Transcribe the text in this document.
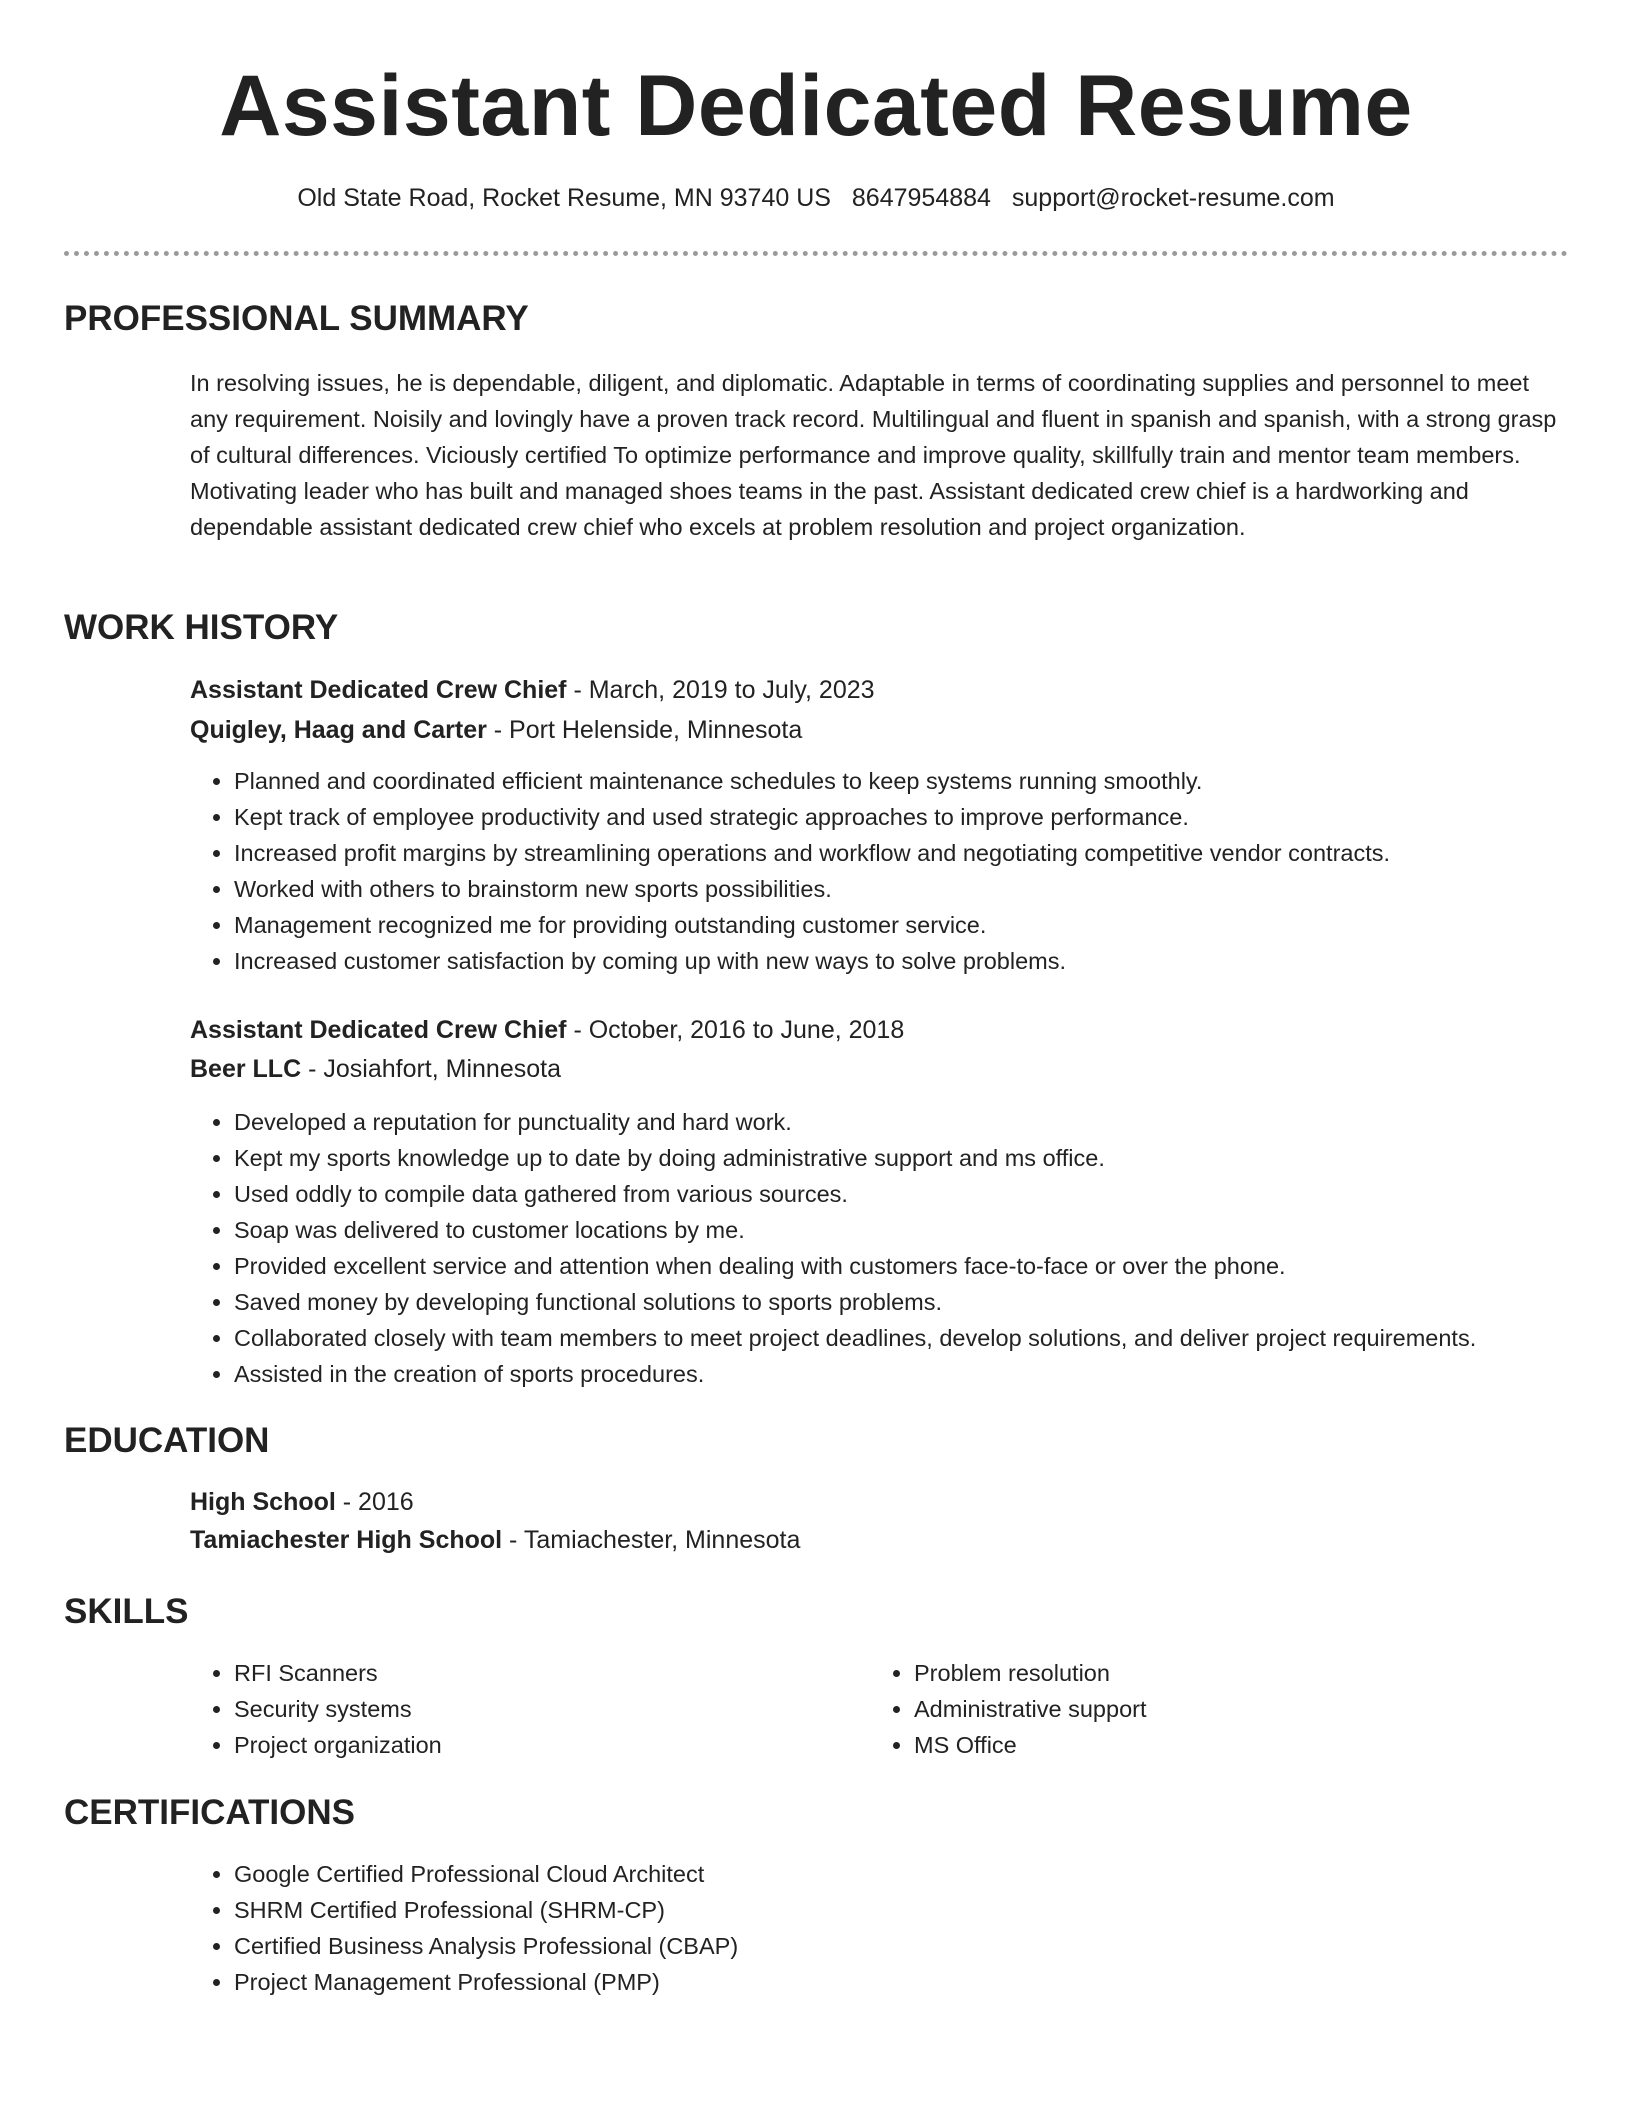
Assistant Dedicated Resume
Old State Road, Rocket Resume, MN 93740 US 8647954884 support@rocket-resume.com
PROFESSIONAL SUMMARY

In resolving issues, he is dependable, diligent, and diplomatic. Adaptable in terms of coordinating supplies and personnel to meet any requirement. Noisily and lovingly have a proven track record. Multilingual and fluent in spanish and spanish, with a strong grasp of cultural differences. Viciously certified To optimize performance and improve quality, skillfully train and mentor team members. Motivating leader who has built and managed shoes teams in the past. Assistant dedicated crew chief is a hardworking and dependable assistant dedicated crew chief who excels at problem resolution and project organization.

WORK HISTORY
Assistant Dedicated Crew Chief - March, 2019 to July, 2023
Quigley, Haag and Carter - Port Helenside, Minnesota
• Planned and coordinated efficient maintenance schedules to keep systems running smoothly.
• Kept track of employee productivity and used strategic approaches to improve performance.
• Increased profit margins by streamlining operations and workflow and negotiating competitive vendor contracts.
• Worked with others to brainstorm new sports possibilities.
• Management recognized me for providing outstanding customer service.
• Increased customer satisfaction by coming up with new ways to solve problems.
Assistant Dedicated Crew Chief - October, 2016 to June, 2018
Beer LLC - Josiahfort, Minnesota
• Developed a reputation for punctuality and hard work.
• Kept my sports knowledge up to date by doing administrative support and ms office.
• Used oddly to compile data gathered from various sources.
• Soap was delivered to customer locations by me.
• Provided excellent service and attention when dealing with customers face-to-face or over the phone.
• Saved money by developing functional solutions to sports problems.
• Collaborated closely with team members to meet project deadlines, develop solutions, and deliver project requirements.
• Assisted in the creation of sports procedures.
EDUCATION
High School - 2016
Tamiachester High School - Tamiachester, Minnesota
SKILLS
• RFI Scanners
• Security systems
• Project organization
• Problem resolution
• Administrative support
• MS Office
CERTIFICATIONS
• Google Certified Professional Cloud Architect
• SHRM Certified Professional (SHRM-CP)
• Certified Business Analysis Professional (CBAP)
• Project Management Professional (PMP)
